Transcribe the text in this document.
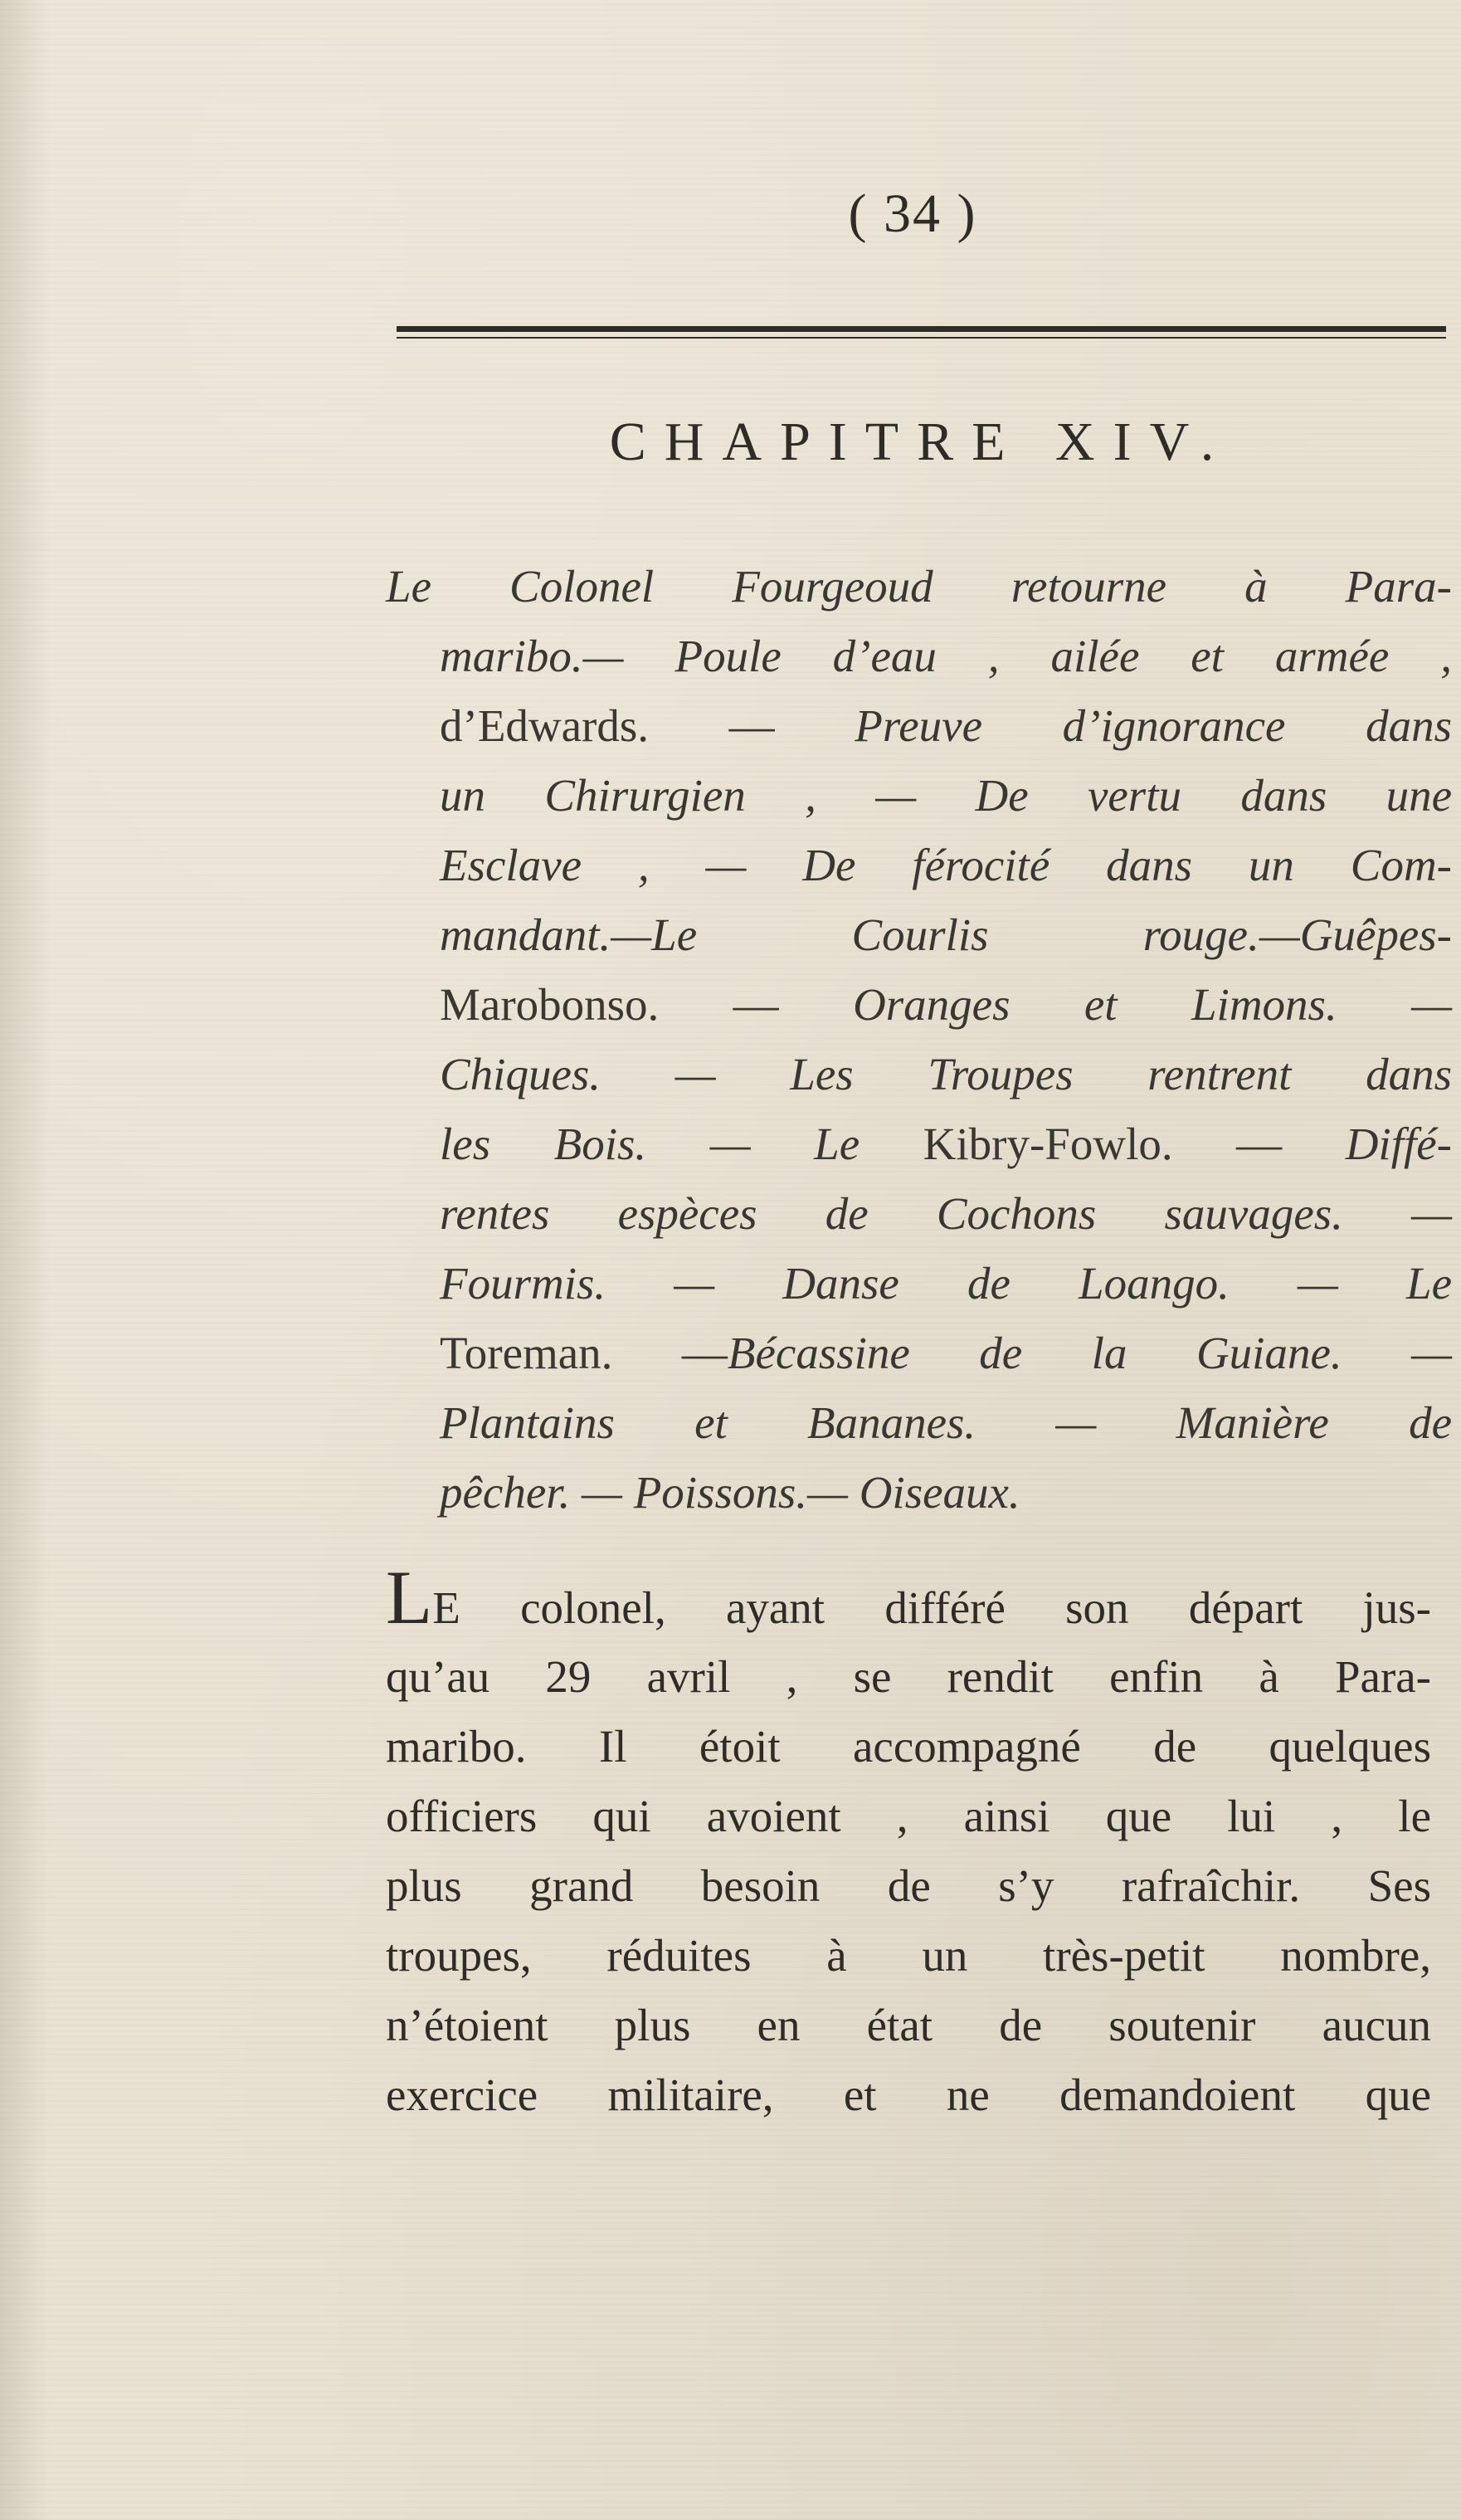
( 34 )
CHAPITRE XIV.
Le Colonel Fourgeoud retourne à Para-
maribo.— Poule d’eau , ailée et armée ,
d’Edwards. — Preuve d’ignorance dans
un Chirurgien , — De vertu dans une
Esclave , — De férocité dans un Com-
mandant.—Le Courlis rouge.—Guêpes-
Marobonso. — Oranges et Limons. —
Chiques. — Les Troupes rentrent dans
les Bois. — Le Kibry-Fowlo. — Diffé-
rentes espèces de Cochons sauvages. —
Fourmis. — Danse de Loango. — Le
Toreman. —Bécassine de la Guiane. —
Plantains et Bananes. — Manière de
pêcher. — Poissons.— Oiseaux.
LE colonel, ayant différé son départ jus-
qu’au 29 avril , se rendit enfin à Para-
maribo. Il étoit accompagné de quelques
officiers qui avoient , ainsi que lui , le
plus grand besoin de s’y rafraîchir. Ses
troupes, réduites à un très-petit nombre,
n’étoient plus en état de soutenir aucun
exercice militaire, et ne demandoient que
